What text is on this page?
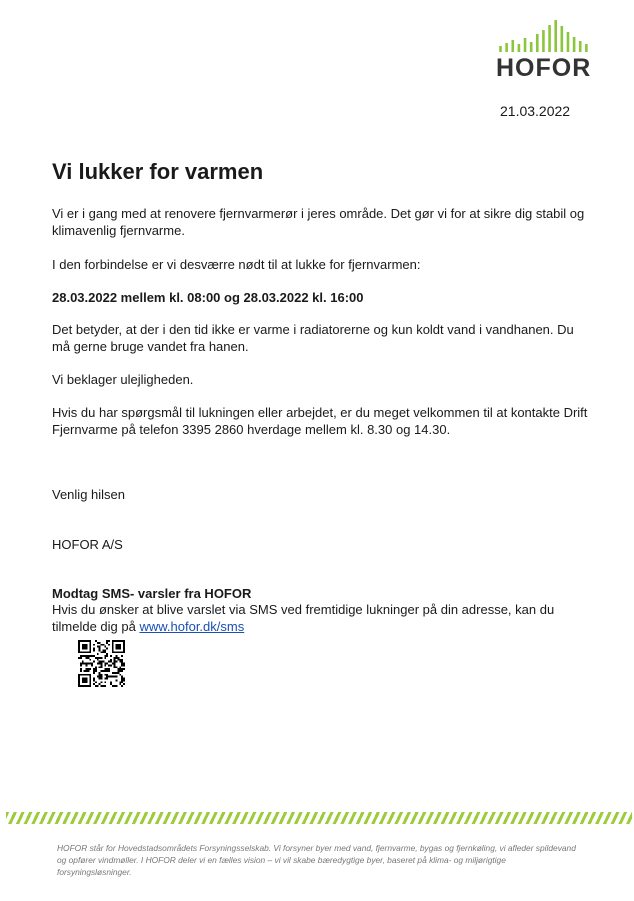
HOFOR
21.03.2022
Vi lukker for varmen

Vi er i gang med at renovere fjernvarmerør i jeres område. Det gør vi for at sikre dig stabil og klimavenlig fjernvarme.

I den forbindelse er vi desværre nødt til at lukke for fjernvarmen:

28.03.2022 mellem kl. 08:00 og 28.03.2022 kl. 16:00

Det betyder, at der i den tid ikke er varme i radiatorerne og kun koldt vand i vandhanen. Du må gerne bruge vandet fra hanen.

Vi beklager ulejligheden.

Hvis du har spørgsmål til lukningen eller arbejdet, er du meget velkommen til at kontakte Drift Fjernvarme på telefon 3395 2860 hverdage mellem kl. 8.30 og 14.30.

Venlig hilsen

HOFOR A/S

Modtag SMS- varsler fra HOFOR

Hvis du ønsker at blive varslet via SMS ved fremtidige lukninger på din adresse, kan du tilmelde dig på www.hofor.dk/sms

HOFOR står for Hovedstadsområdets Forsyningsselskab. Vi forsyner byer med vand, fjernvarme, bygas og fjernkøling, vi afleder spildevand og opfører vindmøller. I HOFOR deler vi en fælles vision – vi vil skabe bæredygtige byer, baseret på klima- og miljørigtige forsyningsløsninger.
